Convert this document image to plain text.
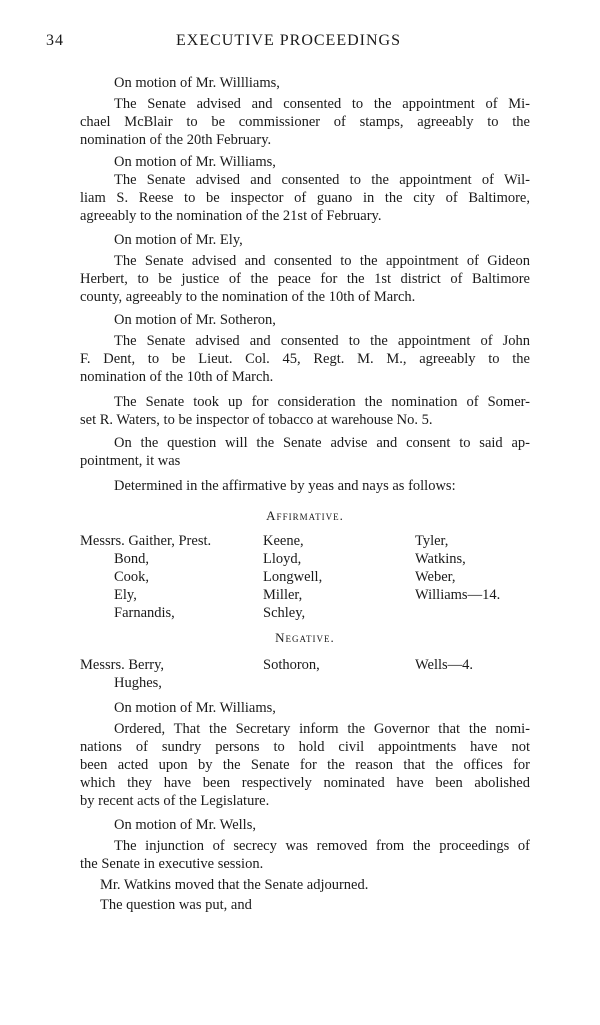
34	EXECUTIVE PROCEEDINGS
On motion of Mr. Willliams,
The Senate advised and consented to the appointment of Mi-
chael McBlair to be commissioner of stamps, agreeably to the
nomination of the 20th February.
On motion of Mr. Williams,
The Senate advised and consented to the appointment of Wil-
liam S. Reese to be inspector of guano in the city of Baltimore,
agreeably to the nomination of the 21st of February.
On motion of Mr. Ely,
The Senate advised and consented to the appointment of Gideon
Herbert, to be justice of the peace for the 1st district of Baltimore
county, agreeably to the nomination of the 10th of March.
On motion of Mr. Sotheron,
The Senate advised and consented to the appointment of John
F. Dent, to be Lieut. Col. 45, Regt. M. M., agreeably to the
nomination of the 10th of March.
The Senate took up for consideration the nomination of Somer-
set R. Waters, to be inspector of tobacco at warehouse No. 5.
On the question will the Senate advise and consent to said ap-
pointment, it was
Determined in the affirmative by yeas and nays as follows:
Affirmative.
Messrs. Gaither, Prest.
Bond,
Cook,
Ely,
Farnandis,
Keene,
Lloyd,
Longwell,
Miller,
Schley,
Tyler,
Watkins,
Weber,
Williams—14.
Negative.
Messrs. Berry,
Hughes,
Sothoron,	Wells—4.
On motion of Mr. Williams,
Ordered, That the Secretary inform the Governor that the nomi-
nations of sundry persons to hold civil appointments have not
been acted upon by the Senate for the reason that the offices for
which they have been respectively nominated have been abolished
by recent acts of the Legislature.
On motion of Mr. Wells,
The injunction of secrecy was removed from the proceedings of
the Senate in executive session.
Mr. Watkins moved that the Senate adjourned.
The question was put, and
